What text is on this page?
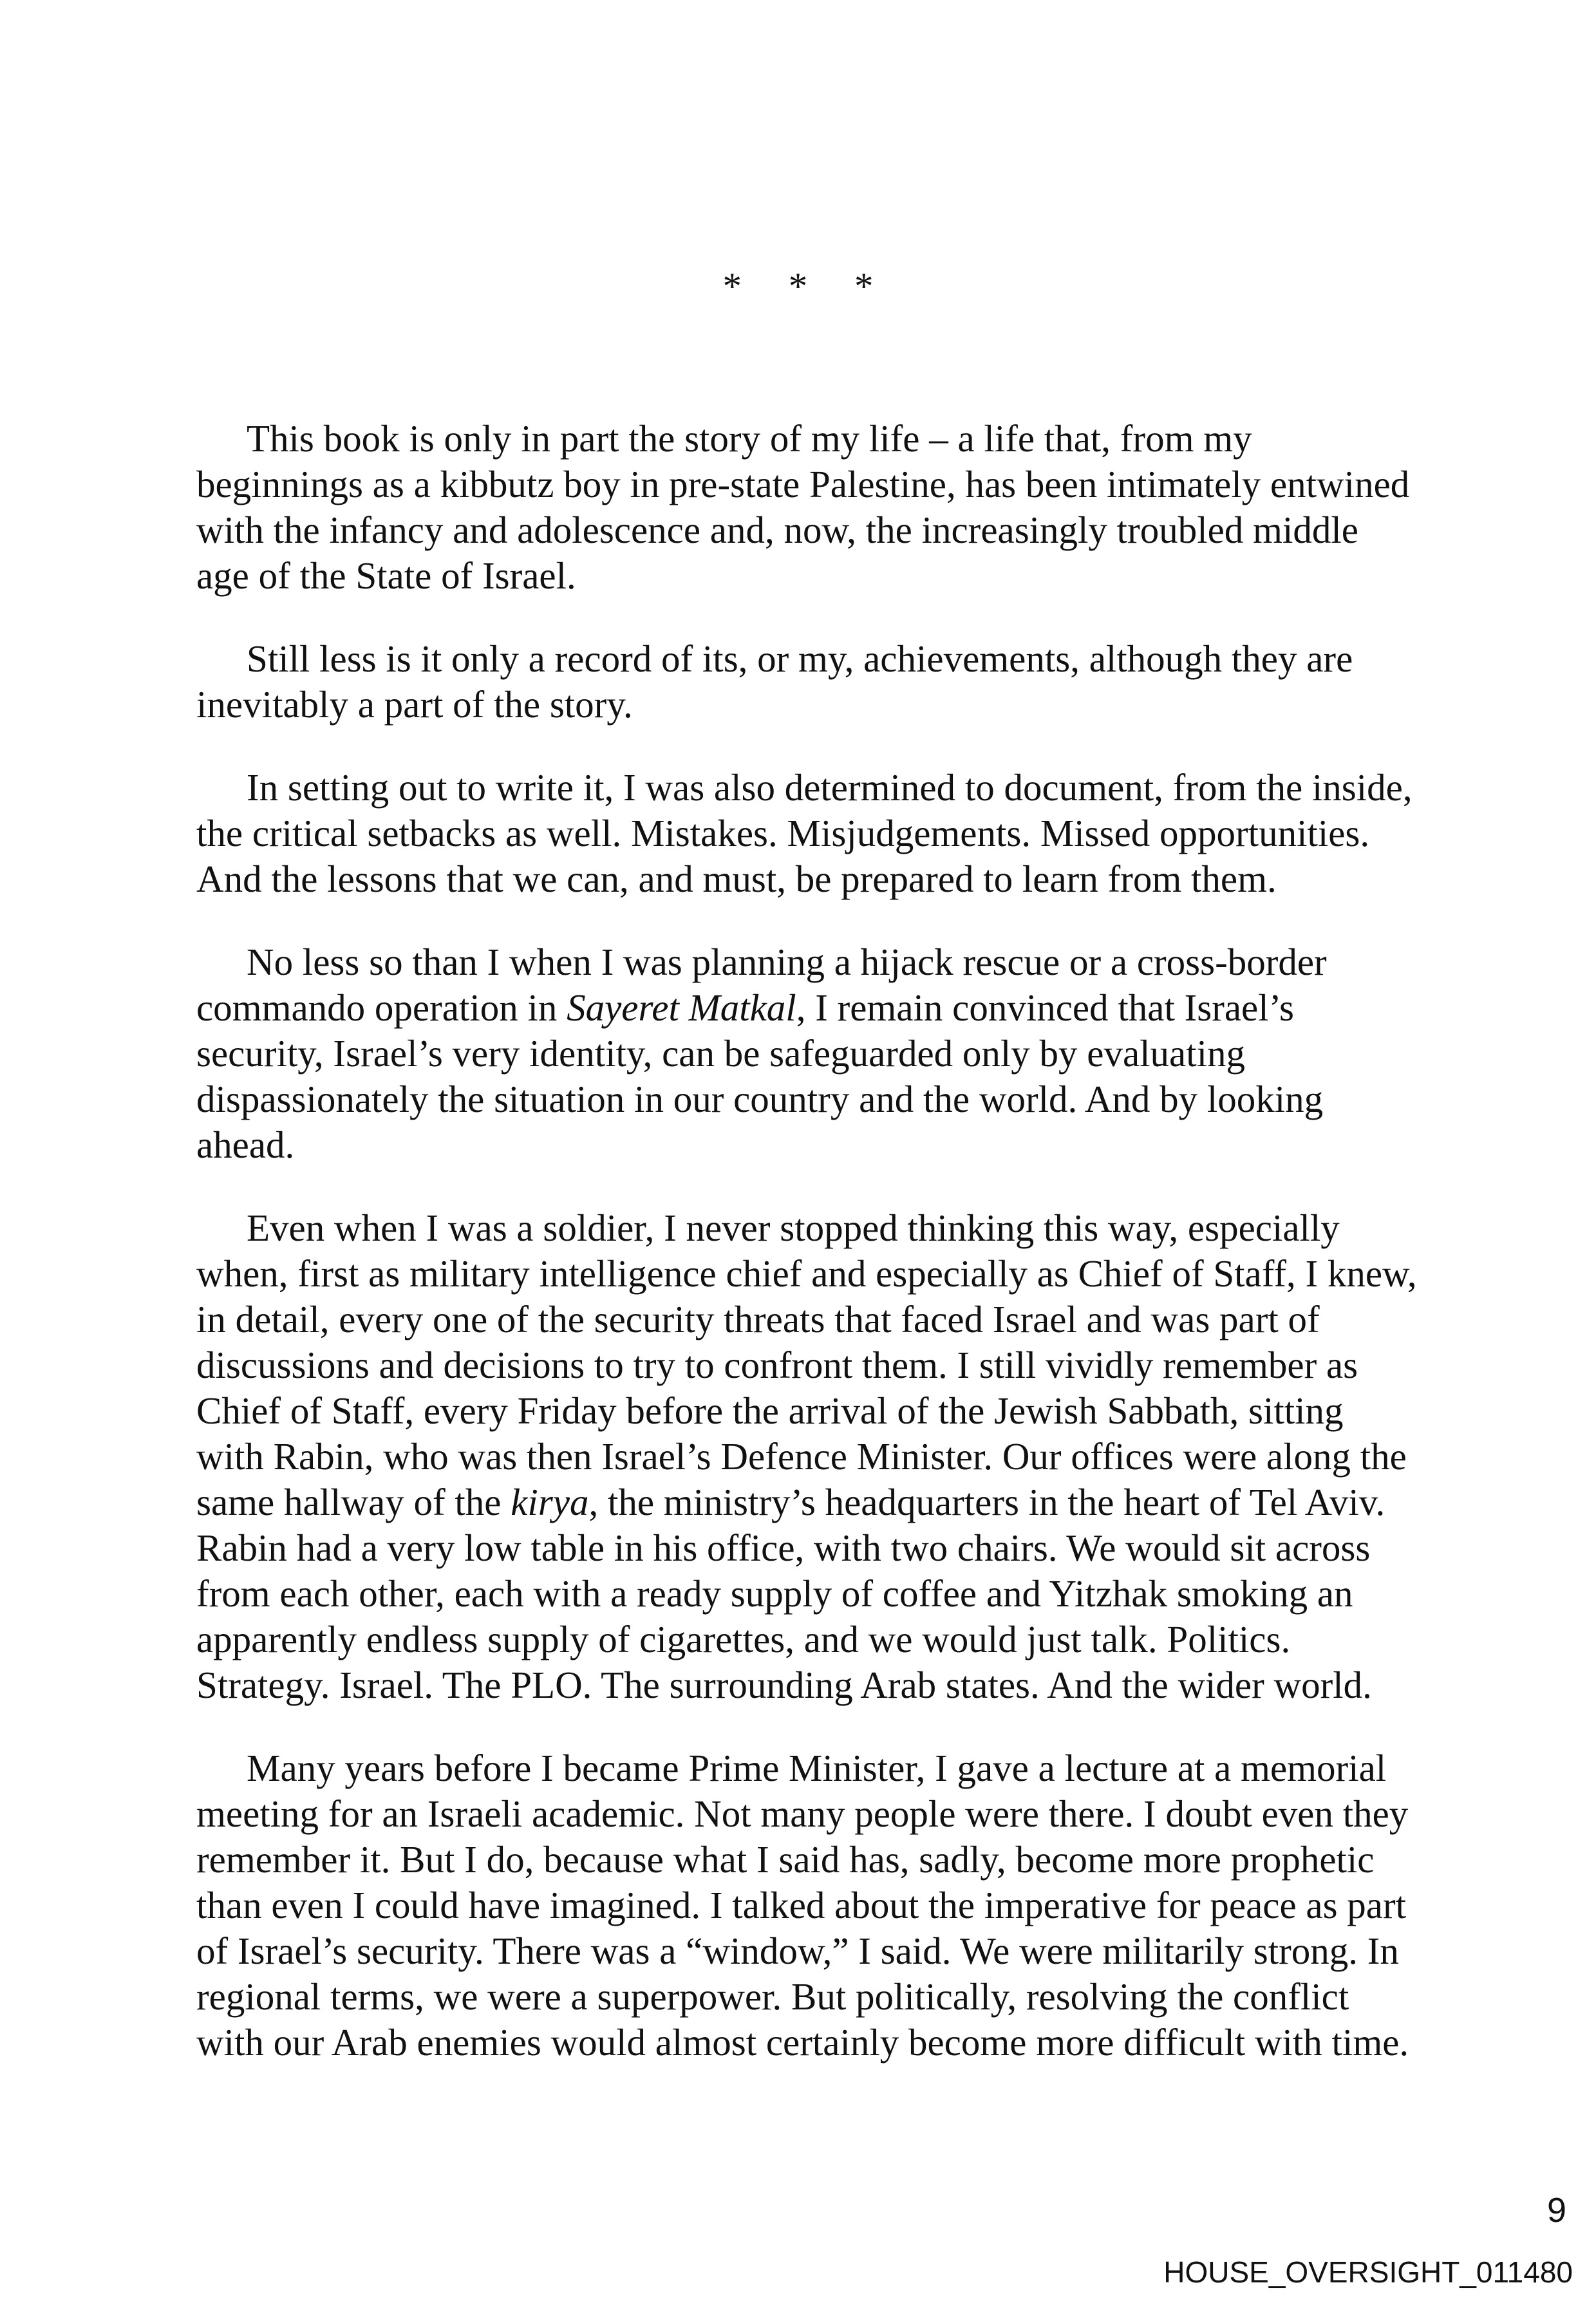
* * *
This book is only in part the story of my life – a life that, from my
beginnings as a kibbutz boy in pre-state Palestine, has been intimately entwined
with the infancy and adolescence and, now, the increasingly troubled middle
age of the State of Israel.
Still less is it only a record of its, or my, achievements, although they are
inevitably a part of the story.
In setting out to write it, I was also determined to document, from the inside,
the critical setbacks as well. Mistakes. Misjudgements. Missed opportunities.
And the lessons that we can, and must, be prepared to learn from them.
No less so than I when I was planning a hijack rescue or a cross-border
commando operation in Sayeret Matkal, I remain convinced that Israel’s
security, Israel’s very identity, can be safeguarded only by evaluating
dispassionately the situation in our country and the world. And by looking
ahead.
Even when I was a soldier, I never stopped thinking this way, especially
when, first as military intelligence chief and especially as Chief of Staff, I knew,
in detail, every one of the security threats that faced Israel and was part of
discussions and decisions to try to confront them. I still vividly remember as
Chief of Staff, every Friday before the arrival of the Jewish Sabbath, sitting
with Rabin, who was then Israel’s Defence Minister. Our offices were along the
same hallway of the kirya, the ministry’s headquarters in the heart of Tel Aviv.
Rabin had a very low table in his office, with two chairs. We would sit across
from each other, each with a ready supply of coffee and Yitzhak smoking an
apparently endless supply of cigarettes, and we would just talk. Politics.
Strategy. Israel. The PLO. The surrounding Arab states. And the wider world.
Many years before I became Prime Minister, I gave a lecture at a memorial
meeting for an Israeli academic. Not many people were there. I doubt even they
remember it. But I do, because what I said has, sadly, become more prophetic
than even I could have imagined. I talked about the imperative for peace as part
of Israel’s security. There was a “window,” I said. We were militarily strong. In
regional terms, we were a superpower. But politically, resolving the conflict
with our Arab enemies would almost certainly become more difficult with time.
9
HOUSE_OVERSIGHT_011480
